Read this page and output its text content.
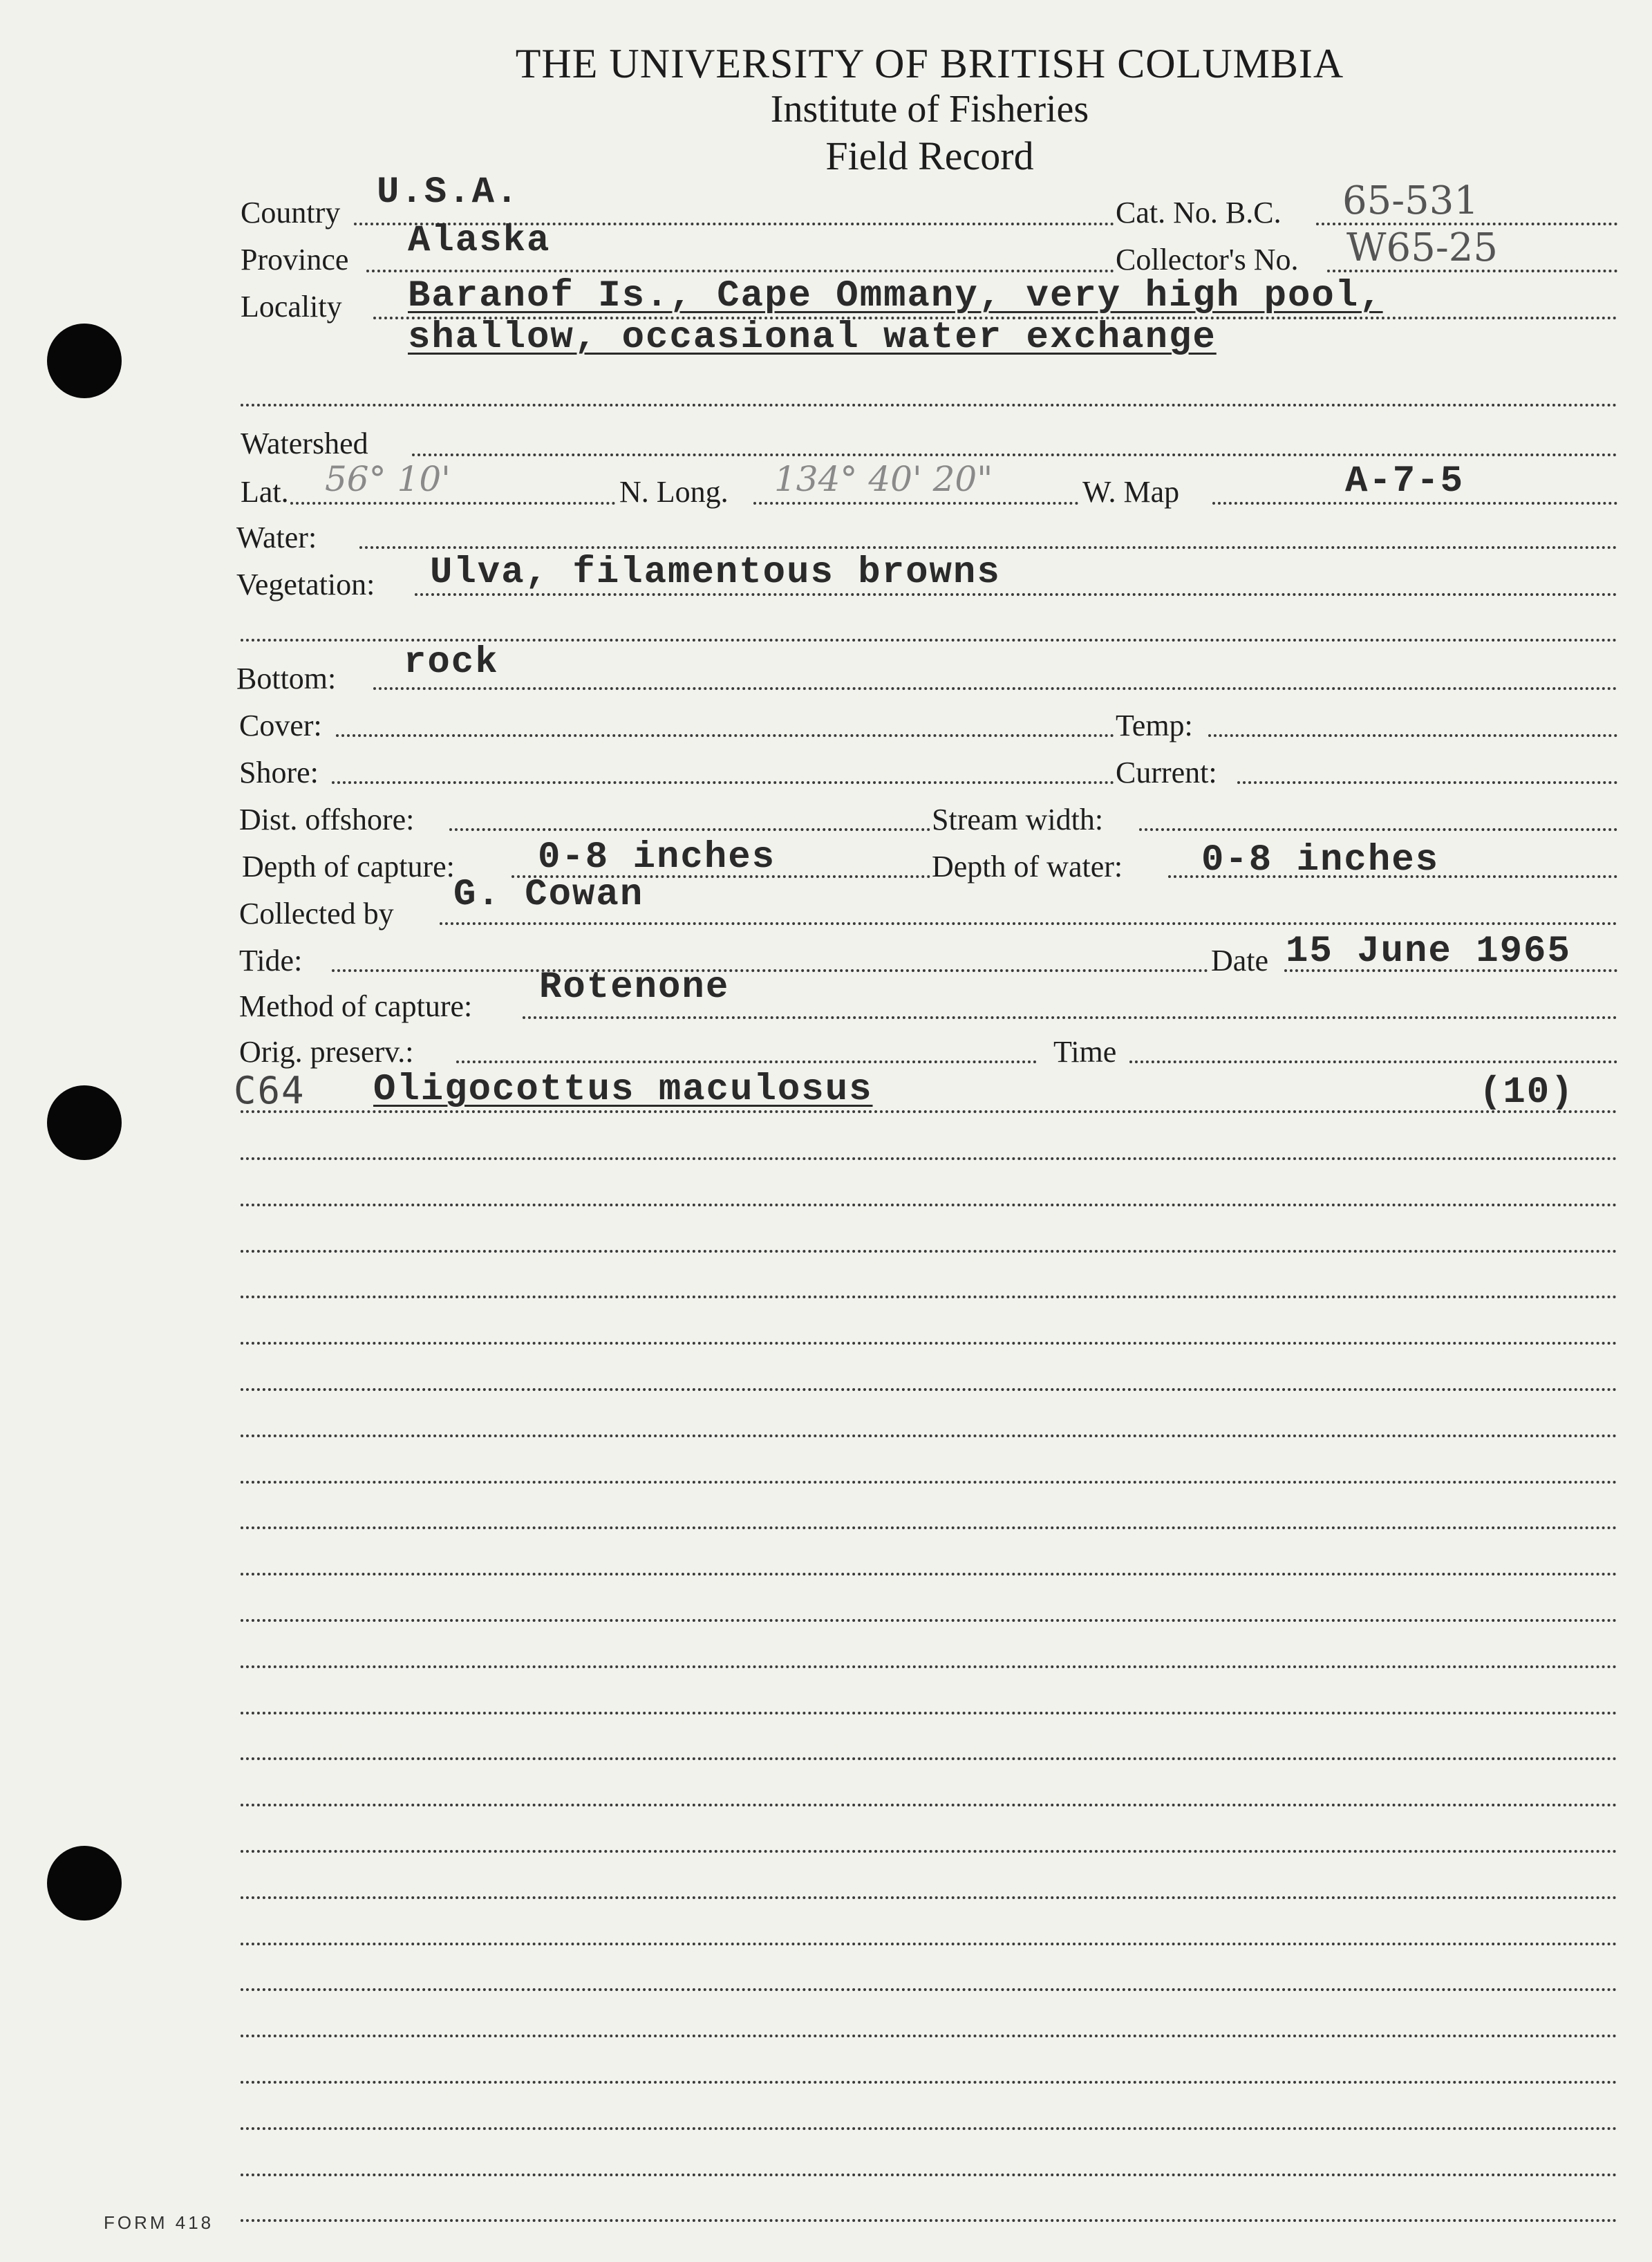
THE UNIVERSITY OF BRITISH COLUMBIA
Institute of Fisheries
Field Record
Country U.S.A.	Cat. No. B.C. 65-531
Province Alaska	Collector's No. W65-25
Locality Baranof Is., Cape Ommany, very high pool,
shallow, occasional water exchange
Watershed
Lat. 56° 10'	N. Long. 134° 40' 20"	W. Map	A-7-5
Water:
Vegetation: Ulva, filamentous browns
Bottom: rock
Cover:	Temp:
Shore:	Current:
Dist. offshore:	Stream width:
Depth of capture: 0-8 inches	Depth of water: 0-8 inches
Collected by G. Cowan
Tide:	Date 15 June 1965
Method of capture: Rotenone
Orig. preserv.:	Time
C64 Oligocottus maculosus	(10)
FORM 418
